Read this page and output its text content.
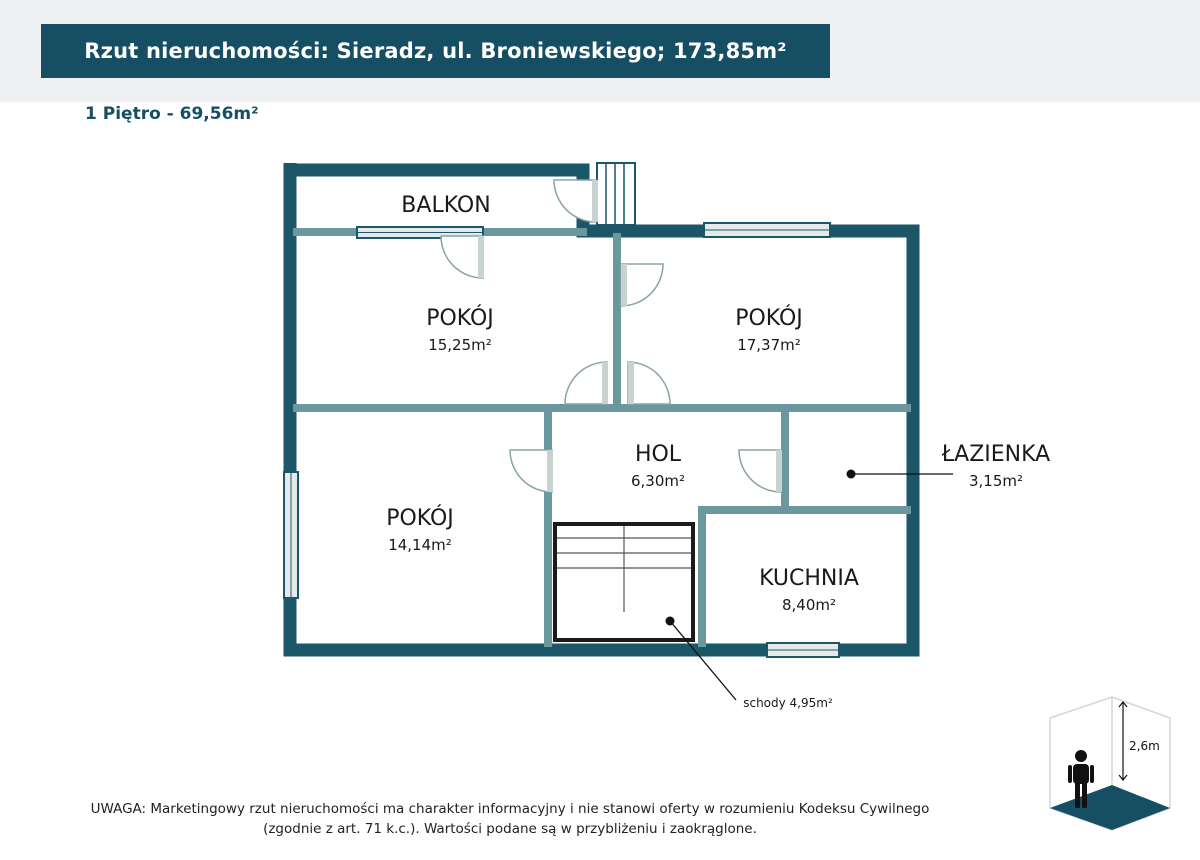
Rzut nieruchomości: Sieradz, ul. Broniewskiego; 173,85m²
1 Piętro - 69,56m²
BALKON
POKÓJ
15,25m²
POKÓJ
17,37m²
HOL
6,30m²
ŁAZIENKA
3,15m²
POKÓJ
14,14m²
KUCHNIA
8,40m²
schody 4,95m²
2,6m
UWAGA: Marketingowy rzut nieruchomości ma charakter informacyjny i nie stanowi oferty w rozumieniu Kodeksu Cywilnego
(zgodnie z art. 71 k.c.). Wartości podane są w przybliżeniu i zaokrąglone.
